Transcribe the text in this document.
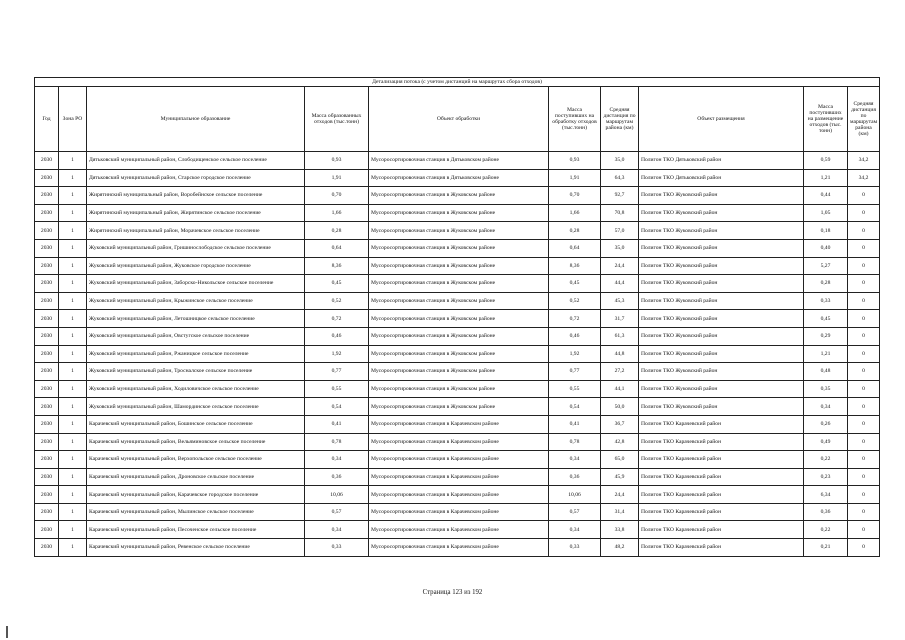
Детализация потока (с учетом дистанций на маршрутах сбора отходов)									
Год	Зона РО	Муниципальное образование	Масса образованных отходов (тыс.тонн)	Объект обработки	Масса поступивших на обработку отходов (тыс.тонн)	Средняя дистанция по маршрутам района (км)	Объект размещения	Масса поступивших на размещение отходов (тыс. тонн)	Средняя дистанция по маршрутам района (км)
2030	1	Дятьковский муниципальный район, Слободищенское сельское поселение	0,93	Мусоросортировочная станция в Дятьковском районе	0,93	35,0	Полигон ТКО Дятьковский район	0,59	34,2
2030	1	Дятьковский муниципальный район, Старское городское поселение	1,91	Мусоросортировочная станция в Дятьковском районе	1,91	64,3	Полигон ТКО Дятьковский район	1,21	34,2
2030	1	Жирятинский муниципальный район, Воробейнское сельское поселение	0,70	Мусоросортировочная станция в Жуковском районе	0,70	92,7	Полигон ТКО Жуковский район	0,44	0
2030	1	Жирятинский муниципальный район, Жирятинское сельское поселение	1,66	Мусоросортировочная станция в Жуковском районе	1,66	70,8	Полигон ТКО Жуковский район	1,05	0
2030	1	Жирятинский муниципальный район, Морачевское сельское поселение	0,28	Мусоросортировочная станция в Жуковском районе	0,28	57,0	Полигон ТКО Жуковский район	0,18	0
2030	1	Жуковский муниципальный район, Гришинослободское сельское поселение	0,64	Мусоросортировочная станция в Жуковском районе	0,64	35,0	Полигон ТКО Жуковский район	0,40	0
2030	1	Жуковский муниципальный район, Жуковское городское поселение	8,36	Мусоросортировочная станция в Жуковском районе	8,36	24,4	Полигон ТКО Жуковский район	5,27	0
2030	1	Жуковский муниципальный район, Заборско-Никольское сельское поселение	0,45	Мусоросортировочная станция в Жуковском районе	0,45	44,4	Полигон ТКО Жуковский район	0,28	0
2030	1	Жуковский муниципальный район, Крыжинское сельское поселение	0,52	Мусоросортировочная станция в Жуковском районе	0,52	45,3	Полигон ТКО Жуковский район	0,33	0
2030	1	Жуковский муниципальный район, Летошницкое сельское поселение	0,72	Мусоросортировочная станция в Жуковском районе	0,72	31,7	Полигон ТКО Жуковский район	0,45	0
2030	1	Жуковский муниципальный район, Овстугское сельское поселение	0,46	Мусоросортировочная станция в Жуковском районе	0,46	61,3	Полигон ТКО Жуковский район	0,29	0
2030	1	Жуковский муниципальный район, Ржаницкое сельское поселение	1,92	Мусоросортировочная станция в Жуковском районе	1,92	44,8	Полигон ТКО Жуковский район	1,21	0
2030	1	Жуковский муниципальный район, Тросналское сельское поселение	0,77	Мусоросортировочная станция в Жуковском районе	0,77	27,2	Полигон ТКО Жуковский район	0,48	0
2030	1	Жуковский муниципальный район, Ходиловичское сельское поселение	0,55	Мусоросортировочная станция в Жуковском районе	0,55	44,1	Полигон ТКО Жуковский район	0,35	0
2030	1	Жуковский муниципальный район, Шамординское сельское поселение	0,54	Мусоросортировочная станция в Жуковском районе	0,54	50,0	Полигон ТКО Жуковский район	0,34	0
2030	1	Карачевский муниципальный район, Бошинское сельское поселение	0,41	Мусоросортировочная станция в Карачевском районе	0,41	36,7	Полигон ТКО Карачевский район	0,26	0
2030	1	Карачевский муниципальный район, Вельяминовское сельское поселение	0,78	Мусоросортировочная станция в Карачевском районе	0,78	42,8	Полигон ТКО Карачевский район	0,49	0
2030	1	Карачевский муниципальный район, Верхопольское сельское поселение	0,34	Мусоросортировочная станция в Карачевском районе	0,34	65,0	Полигон ТКО Карачевский район	0,22	0
2030	1	Карачевский муниципальный район, Дроновское сельское поселение	0,36	Мусоросортировочная станция в Карачевском районе	0,36	45,9	Полигон ТКО Карачевский район	0,23	0
2030	1	Карачевский муниципальный район, Карачевское городское поселение	10,06	Мусоросортировочная станция в Карачевском районе	10,06	24,4	Полигон ТКО Карачевский район	6,34	0
2030	1	Карачевский муниципальный район, Мылинское сельское поселение	0,57	Мусоросортировочная станция в Карачевском районе	0,57	31,4	Полигон ТКО Карачевский район	0,36	0
2030	1	Карачевский муниципальный район, Песоченское сельское поселение	0,34	Мусоросортировочная станция в Карачевском районе	0,34	33,8	Полигон ТКО Карачевский район	0,22	0
2030	1	Карачевский муниципальный район, Ревенское сельское поселение	0,33	Мусоросортировочная станция в Карачевском районе	0,33	48,2	Полигон ТКО Карачевский район	0,21	0
Страница 123 из 192
